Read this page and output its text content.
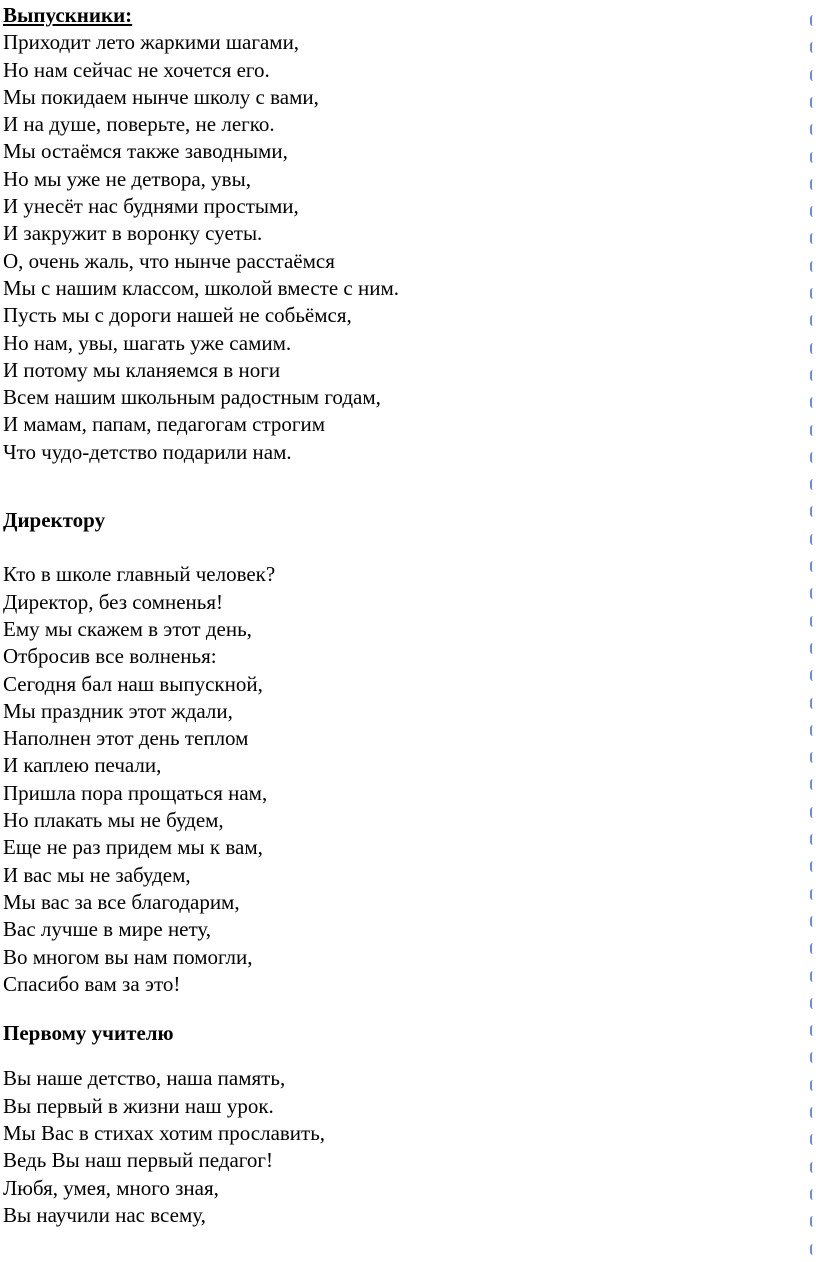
Выпускники:
Приходит лето жаркими шагами,
Но нам сейчас не хочется его.
Мы покидаем нынче школу с вами,
И на душе, поверьте, не легко.
Мы остаёмся также заводными,
Но мы уже не детвора, увы,
И унесёт нас буднями простыми,
И закружит в воронку суеты.
О, очень жаль, что нынче расстаёмся
Мы с нашим классом, школой вместе с ним.
Пусть мы с дороги нашей не собьёмся,
Но нам, увы, шагать уже самим.
И потому мы кланяемся в ноги
Всем нашим школьным радостным годам,
И мамам, папам, педагогам строгим
Что чудо-детство подарили нам.
Директору
Кто в школе главный человек?
Директор, без сомненья!
Ему мы скажем в этот день,
Отбросив все волненья:
Сегодня бал наш выпускной,
Мы праздник этот ждали,
Наполнен этот день теплом
И каплею печали,
Пришла пора прощаться нам,
Но плакать мы не будем,
Еще не раз придем мы к вам,
И вас мы не забудем,
Мы вас за все благодарим,
Вас лучше в мире нету,
Во многом вы нам помогли,
Спасибо вам за это!
Первому учителю
Вы наше детство, наша память,
Вы первый в жизни наш урок.
Мы Вас в стихах хотим прославить,
Ведь Вы наш первый педагог!
Любя, умея, много зная,
Вы научили нас всему,
